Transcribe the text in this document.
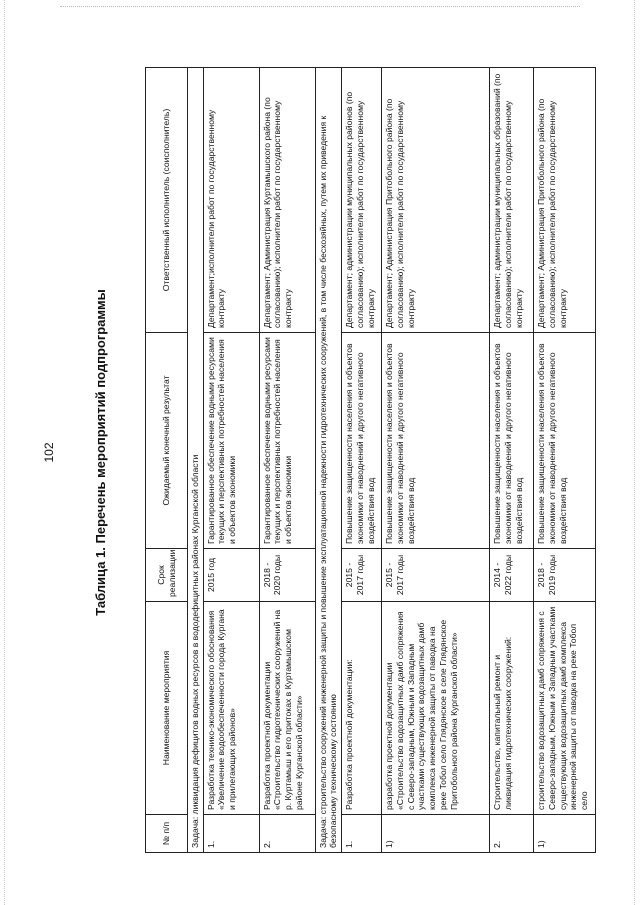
102	Таблица 1. Перечень мероприятий подпрограммы
№ п/п	Наименование мероприятия	Срок реализации	Ожидаемый конечный результат	Ответственный исполнитель (соисполнитель)
Задача: ликвидация дефицитов водных ресурсов в вододефицитных районах Курганской области				
1.	Разработка технико-экономического обоснования «Увеличение водообеспеченности города Кургана и прилегающих районов»	2015 год	Гарантированное обеспечение водными ресурсами текущих и перспективных потребностей населения и объектов экономики	Департамент;исполнители работ по государственному контракту
2.	Разработка проектной документации «Строительство гидротехнических сооружений на р. Куртамыш и его притоках в Куртамышском районе Курганской области»	2018 - 2020 годы	Гарантированное обеспечение водными ресурсами текущих и перспективных потребностей населения и объектов экономики	Департамент; Администрация Куртамышского района (по согласованию); исполнители работ по государственному контракту
Задача: строительство сооружений инженерной защиты и повышение эксплуатационной надежности гидротехнических сооружений, в том числе бесхозяйных, путем их приведения к безопасному техническому состоянию				
1.	Разработка проектной документации:	2015 - 2017 годы	Повышение защищенности населения и объектов экономики от наводнений и другого негативного воздействия вод	Департамент; администрации муниципальных районов (по согласованию); исполнители работ по государственному контракту
1)	разработка проектной документации «Строительство водозащитных дамб сопряжения с Северо-западным, Южным и Западным участками существующих водозащитных дамб комплекса инженерной защиты от паводка на реке Тобол село Глядянское в селе Глядянское Притобольного района Курганской области»	2015 - 2017 годы	Повышение защищенности населения и объектов экономики от наводнений и другого негативного воздействия вод	Департамент; Администрация Притобольного района (по согласованию); исполнители работ по государственному контракту
2.	Строительство, капитальный ремонт и ликвидация гидротехнических сооружений:	2014 - 2022 годы	Повышение защищенности населения и объектов экономики от наводнений и другого негативного воздействия вод	Департамент; администрации муниципальных образований (по согласованию); исполнители работ по государственному контракту
1)	строительство водозащитных дамб сопряжения с Северо-западным, Южным и Западным участками существующих водозащитных дамб комплекса инженерной защиты от паводка на реке Тобол село	2018 - 2019 годы	Повышение защищенности населения и объектов экономики от наводнений и другого негативного воздействия вод	Департамент; Администрация Притобольного района (по согласованию); исполнители работ по государственному контракту
